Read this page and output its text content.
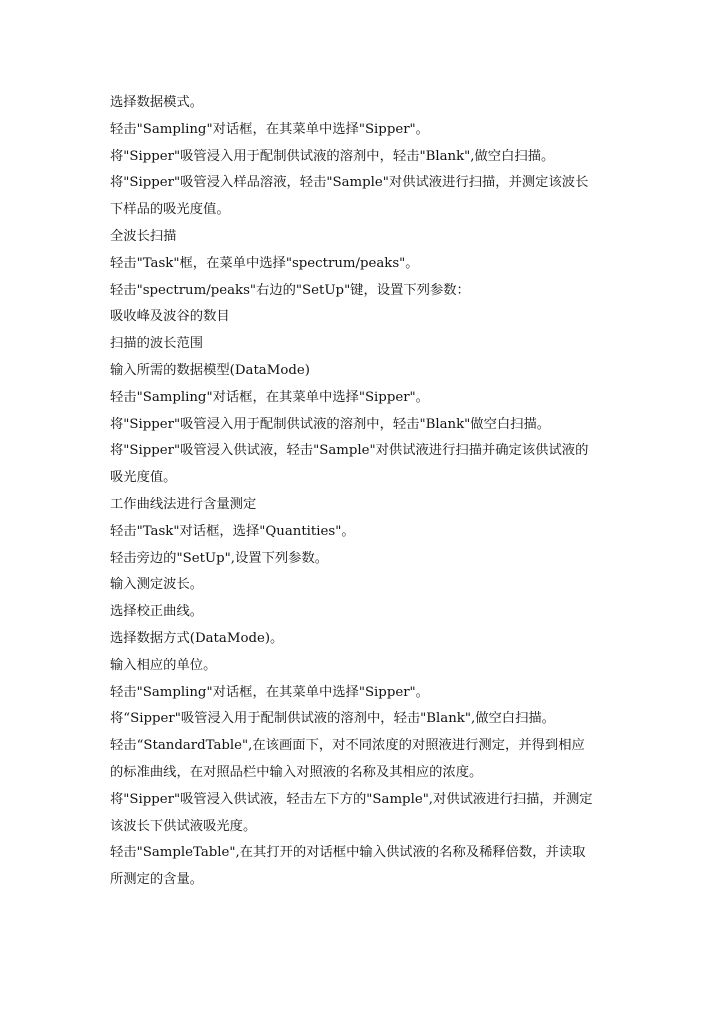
选择数据模式。

轻击"Sampling"对话框，在其菜单中选择"Sipper"。

将"Sipper"吸管浸入用于配制供试液的溶剂中，轻击"Blank",做空白扫描。

将"Sipper"吸管浸入样品溶液，轻击"Sample"对供试液进行扫描，并测定该波长

下样品的吸光度值。

全波长扫描

轻击"Task"框，在菜单中选择"spectrum/peaks"。

轻击"spectrum/peaks"右边的"SetUp"键，设置下列参数：

吸收峰及波谷的数目

扫描的波长范围

输入所需的数据模型(DataMode)

轻击"Sampling"对话框，在其菜单中选择"Sipper"。

将"Sipper"吸管浸入用于配制供试液的溶剂中，轻击"Blank"做空白扫描。

将"Sipper"吸管浸入供试液，轻击"Sample"对供试液进行扫描并确定该供试液的

吸光度值。

工作曲线法进行含量测定

轻击"Task"对话框，选择"Quantities"。

轻击旁边的"SetUp",设置下列参数。

输入测定波长。

选择校正曲线。

选择数据方式(DataMode)。

输入相应的单位。

轻击"Sampling"对话框，在其菜单中选择"Sipper"。

将“Sipper"吸管浸入用于配制供试液的溶剂中，轻击"Blank",做空白扫描。

轻击“StandardTable",在该画面下，对不同浓度的对照液进行测定，并得到相应

的标准曲线，在对照品栏中输入对照液的名称及其相应的浓度。

将"Sipper"吸管浸入供试液，轻击左下方的"Sample",对供试液进行扫描，并测定

该波长下供试液吸光度。

轻击"SampleTable",在其打开的对话框中输入供试液的名称及稀释倍数，并读取

所测定的含量。
